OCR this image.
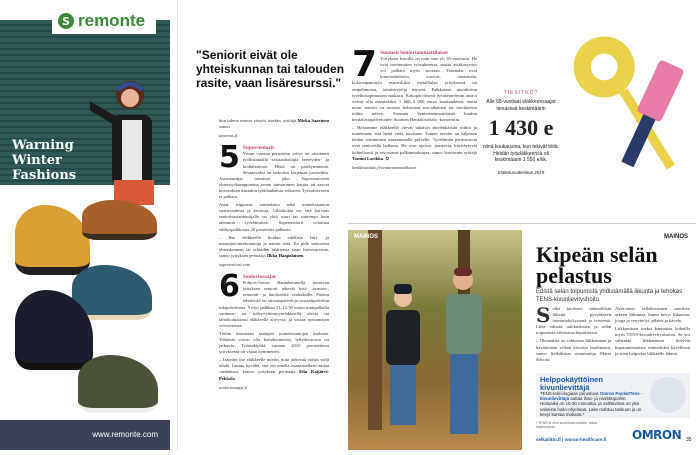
Warning
Winter
Fashions
S remonte
www.remonte.com
"Seniorit eivät ole yhteiskunnan tai talouden rasite, vaan lisäresurssi."

hön tuleva seniori väsyisi itseään, yrittäjä Mirka Saarinen sanoo.

uworons.fi
5 Superseniorit

Viime vuonna perustettu yritys on aloittanut työllistämällä sairaanhoitajia terveyden- ja kodinhoitoon. Heitä on parikymmentä. Seuraavaksi on tarkoitus laajentaa juristeihin. Asiantuntijat toimivat joko Superseniorien yhteistyökumppanina oman toiminimen kautta tai saavat korvauksen kustakin työtilauksesta erikseen. Työsuhteeseen ei palkata.

Asiat riippuvat toimialasta sekä toimeksiannon vaativuudesta ja kestosta. Lähtökohta on, että korvaus seniorisasiantuntijalle on yhtä suuri tai suurempi kuin aiemmin työelämässä. Superseniorit veloittaa välityspalkkiona 20 prosenttia palkasta.

– Itse eläkkeellä hoidan edelleen laki- ja asianajotoimeksiantoja ja nautin siitä. En pidä senioreita yhteiskunnan tai talouden rasitteena vaan lisäresurssina, sanoo yrityksen perustaja Ilkka Haapalainen.

superseniorit.com
6 Senioriosaajat

Pohjois-Savon Rautalammella toimivan yrityksen seniorit tekevät koti-, avustus-, remontti- ja huoltotöitä vanhuksille. Pääosa tehtävistä on siivouspalveluja sosiaalipalvelun tukipalveluina. Yritys palkkaa 11–12,50 euron tuntipalkalla vanhuus- tai työkyvyttömyyseläkkeellä olevia tai lähtökohtaisesti eläkkeelle siirtyviä, ja vastaa työnantajan velvoitteista.

Töihin katsotaan saatujen toimeksiantojen mukaan. Tehtävät voivat olla kertaluonteisia, lyhytkestoisia tai jatkuvia. Työntekijöitä vuonna 2010 perustetussa yrityksessä on vajaat kymmenen.

– Jäätyäni itse eläkkeelle mietin, mitä järkevää voisin vielä tehdä. Tuntuu hyvältä, että voi omalla osaamisellaan auttaa vanhuksia, kertoo yrityksen perustaja Eila Kaijärvi-Pekkola.

senioriosaajat.fi
7 Suomen Senioriammattilaiset

Yrityksen listoilla on noin sata yli 55-vuotiasta. He ovat useimmiten työsuhteessa, mutta asiakasyritys voi palkata myös suoraan. Toimialat ovat kiinteistönhoito, siivous, varastoala, kokoonpanotyöt esimerkiksi metallialan yrityksessä tai ompelimossa, toimistotyöja myynti. Palkkataso muodostuu työehtosopimusten mukaan. Kokopäiväisesti työskentelevän ansiot voivat olla esimerkiksi 1 660–3 000 euroa kuukaudessa, mutta moni seniori on omasta halustaan osa-aikainen tai tarvittaessa töihin tuleva. Suomen Senioriammattilaiset kuuluu henkilöstöpalveluiden Suomen Henkilöstötalo -konserniin.

– Haluamme eläkkeellä olevat takaisin mielekkäisiin töihin ja tuntemaan, että heitä vielä tarvitaan. Toinen tavoite on hiljaisen tiedon siirtäminen nuoremmalle polvelle. Työelämän perusasioita ovat senioreilla hallussa. He ovat ajoissa, joustavia, käyttäytyvät kohteliaasti ja arvostavat palkanmaksajaa, sanoo konsernin yrittäjä Tommi Larikka. ✪

henkilostotalo.fi/senioriammattilaiset
TIESITKÖ?
Alle 68-vuotiaat eläkkeensaajat tienasivat keskimäärin
1 430 e
niinä kuukausina, kun tekivät töitä. Heidän työeläkkeensä oli keskimäärin 1 550 e/kk.
Eläketurvakeskus 2019
MAINOS	MAINOS
Kipeän selän pelastus
Edistä selän toipumista yhdistämällä liikunta ja tehokas TENS-kivunlievityshoito.
S elkä tarvitsee säännöllistä liikettä pysyäkseen toimintakykyisenä ja terveenä. Liike edistää tukikudosten ja selän toipumista erilaisissa kiputiloissa.

– Olennaista on rohkaista liikkumaan ja käyttämään selkää kivuista huolimatta, sanoo Selkäliiton asiantuntija Maria Silvola.

Aktiivinen selkäkivuinen tarvitsee arkeen liikuntaa, kuten kevyt liikuntaa, jooga ja venyttelyt, pilates ja kävely.

Liikkumisen tueksi kannattaa kokeilla myös TENS-kivunlievityshoitoa. Se voi vähentää liikkumisen liittyviä kiputuntemuksia esimerkiksi kävellessä ja siten helpottaa liikkeelle lähtöä.

Helppokäyttöinen kivunlievittäjä
TENS-teknologiaan perustuva Omron PocketTens -kivunlievittäjä auttaa ihas- ja niveläkipuihin. Hoitoaika on 15-30 minuuttia, ja valittavissa on yksi valmista hoito-ohjelmaa. Laite mahtuu taskuun ja on kevyt kantaa mukana.*
* TENS ei ollut suositusta kaikille, katso käyttöohjeet.
selkaliitto.fi | omron-healthcare.fi OMRON 35
